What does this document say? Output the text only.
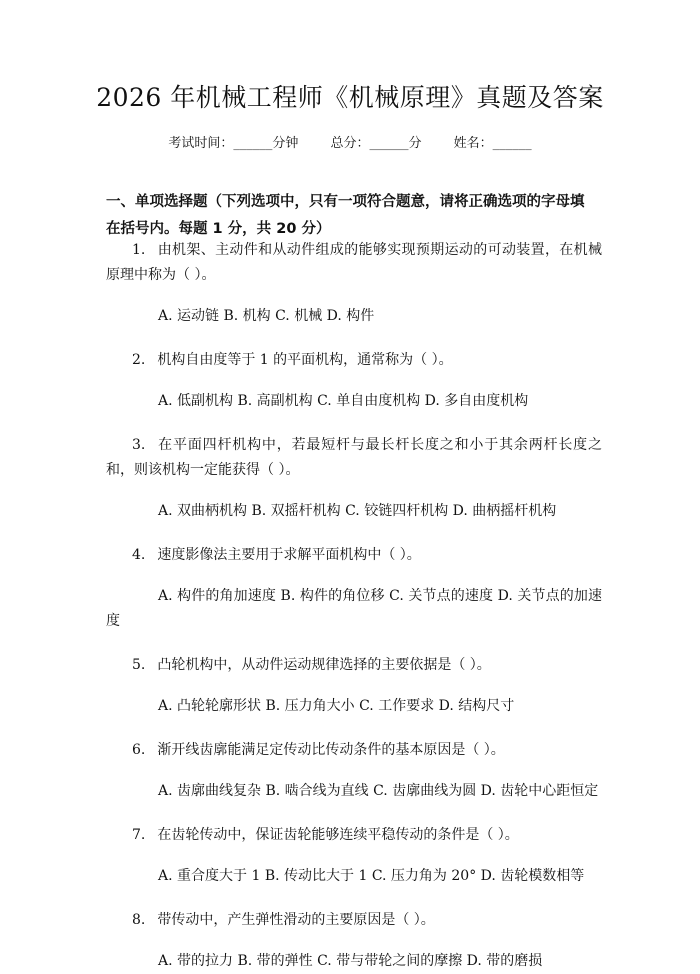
2026 年机械工程师《机械原理》真题及答案
考试时间：______分钟 总分：______分 姓名：______
一、单项选择题（下列选项中，只有一项符合题意，请将正确选项的字母填在括号内。每题 1 分，共 20 分）

1. 由机架、主动件和从动件组成的能够实现预期运动的可动装置，在机械原理中称为（ ）。

A. 运动链 B. 机构 C. 机械 D. 构件

2. 机构自由度等于 1 的平面机构，通常称为（ ）。

A. 低副机构 B. 高副机构 C. 单自由度机构 D. 多自由度机构

3. 在平面四杆机构中，若最短杆与最长杆长度之和小于其余两杆长度之和，则该机构一定能获得（ ）。

A. 双曲柄机构 B. 双摇杆机构 C. 铰链四杆机构 D. 曲柄摇杆机构

4. 速度影像法主要用于求解平面机构中（ ）。

A. 构件的角加速度 B. 构件的角位移 C. 关节点的速度 D. 关节点的加速度

5. 凸轮机构中，从动件运动规律选择的主要依据是（ ）。

A. 凸轮轮廓形状 B. 压力角大小 C. 工作要求 D. 结构尺寸

6. 渐开线齿廓能满足定传动比传动条件的基本原因是（ ）。

A. 齿廓曲线复杂 B. 啮合线为直线 C. 齿廓曲线为圆 D. 齿轮中心距恒定

7. 在齿轮传动中，保证齿轮能够连续平稳传动的条件是（ ）。

A. 重合度大于 1 B. 传动比大于 1 C. 压力角为 20° D. 齿轮模数相等

8. 带传动中，产生弹性滑动的主要原因是（ ）。

A. 带的拉力 B. 带的弹性 C. 带与带轮之间的摩擦 D. 带的磨损
